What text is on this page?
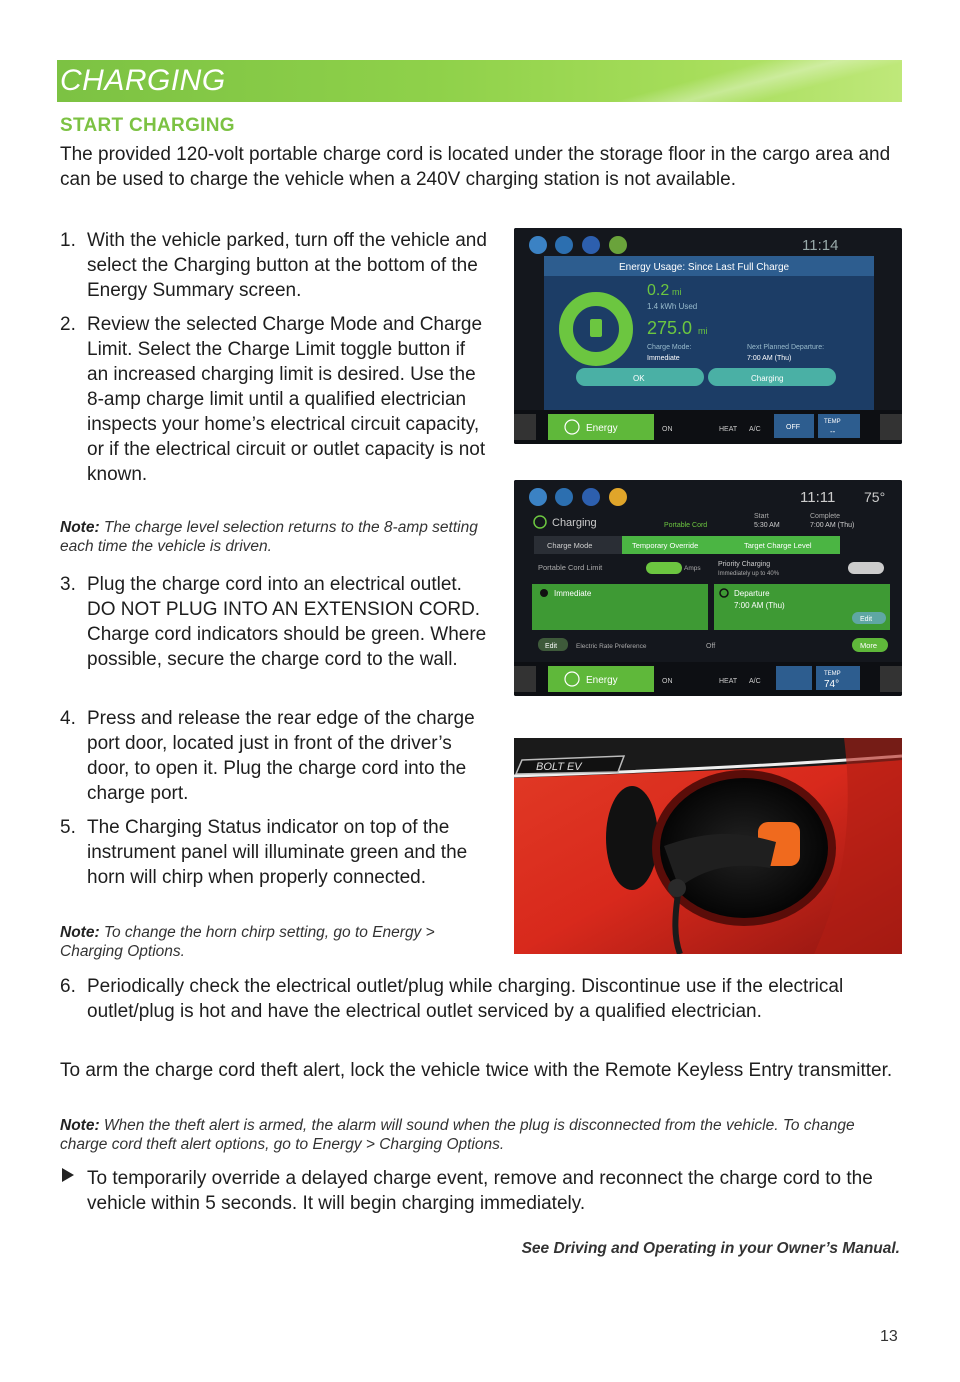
CHARGING
START CHARGING
The provided 120-volt portable charge cord is located under the storage floor in the cargo area and can be used to charge the vehicle when a 240V charging station is not available.
1. With the vehicle parked, turn off the vehicle and select the Charging button at the bottom of the Energy Summary screen.
2. Review the selected Charge Mode and Charge Limit. Select the Charge Limit toggle button if an increased charging limit is desired. Use the 8-amp charge limit until a qualified electrician inspects your home’s electrical circuit capacity, or if the electrical circuit or outlet capacity is not known.
Note: The charge level selection returns to the 8-amp setting each time the vehicle is driven.
3. Plug the charge cord into an electrical outlet. DO NOT PLUG INTO AN EXTENSION CORD. Charge cord indicators should be green. Where possible, secure the charge cord to the wall.
4. Press and release the rear edge of the charge port door, located just in front of the driver’s door, to open it. Plug the charge cord into the charge port.
5. The Charging Status indicator on top of the instrument panel will illuminate green and the horn will chirp when properly connected.
Note: To change the horn chirp setting, go to Energy > Charging Options.
6. Periodically check the electrical outlet/plug while charging. Discontinue use if the electrical outlet/plug is hot and have the electrical outlet serviced by a qualified electrician.
To arm the charge cord theft alert, lock the vehicle twice with the Remote Keyless Entry transmitter.
Note: When the theft alert is armed, the alarm will sound when the plug is disconnected from the vehicle. To change charge cord theft alert options, go to Energy > Charging Options.
To temporarily override a delayed charge event, remove and reconnect the charge cord to the vehicle within 5 seconds. It will begin charging immediately.
See Driving and Operating in your Owner’s Manual.
13
11:14
Energy Usage: Since Last Full Charge
0.2 mi
1.4 kWh Used
275.0 mi
Charge Mode:
Immediate
Next Planned Departure:
7:00 AM (Thu)
OK	Charging
Energy	ON	HEAT A/C	OFF
TEMP
--
11:11 75°
Charging	Portable Cord
Start
5:30 AM
Complete
7:00 AM (Thu)
Charge Mode	Temporary Override	Target Charge Level
Portable Cord Limit	Amps
Priority Charging
Immediately up to 40%
Immediate	Departure
7:00 AM (Thu)
Edit
Edit	Electric Rate Preference	Off	More
Energy	ON	HEAT A/C
TEMP
74°
BOLT EV
